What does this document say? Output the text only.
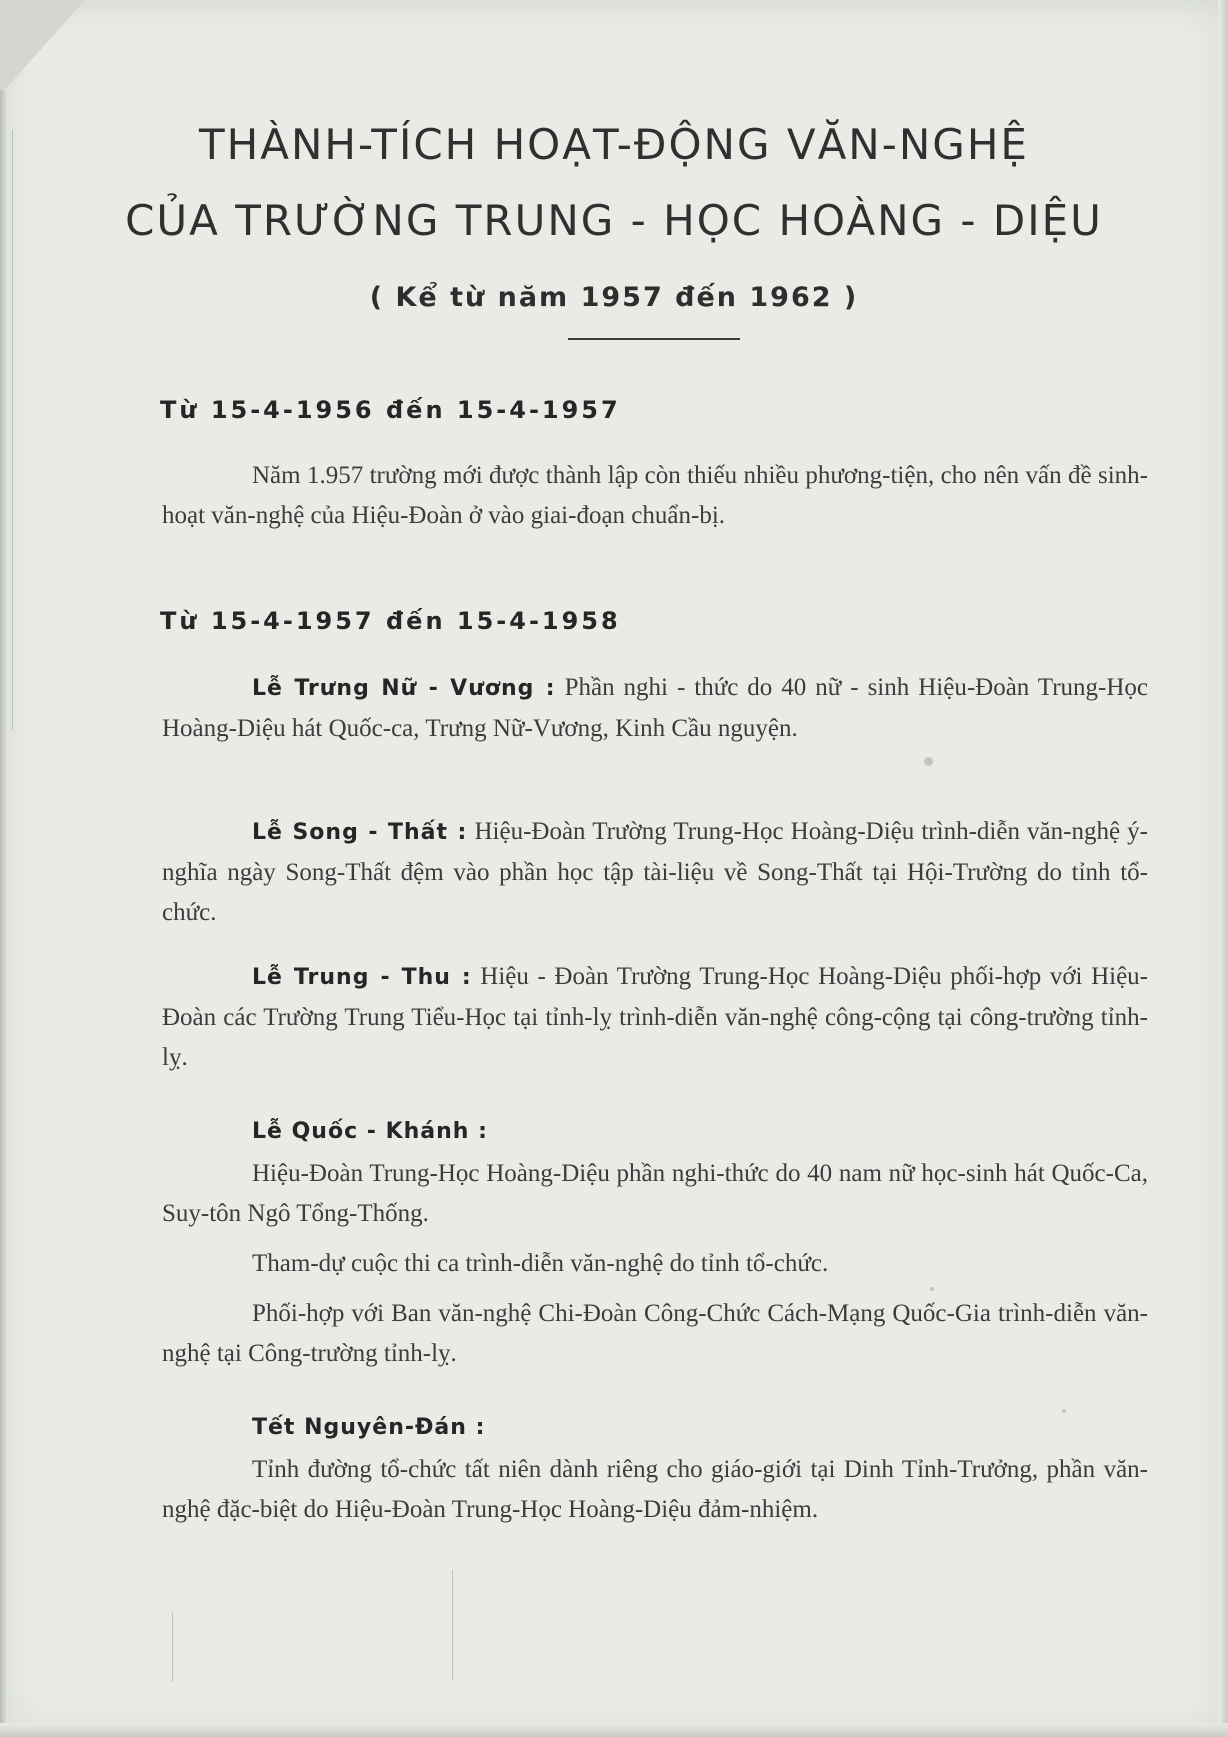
THÀNH-TÍCH HOẠT-ĐỘNG VĂN-NGHỆ
CỦA TRƯỜNG TRUNG - HỌC HOÀNG - DIỆU
( Kể từ năm 1957 đến 1962 )
Từ 15-4-1956 đến 15-4-1957
Năm 1.957 trường mới được thành lập còn thiếu nhiều phương-tiện, cho nên vấn đề sinh-hoạt văn-nghệ của Hiệu-Đoàn ở vào giai-đoạn chuẩn-bị.
Từ 15-4-1957 đến 15-4-1958
Lễ Trưng Nữ - Vương : Phần nghi - thức do 40 nữ - sinh Hiệu-Đoàn Trung-Học Hoàng-Diệu hát Quốc-ca, Trưng Nữ-Vương, Kinh Cầu nguyện.
Lễ Song - Thất : Hiệu-Đoàn Trường Trung-Học Hoàng-Diệu trình-diễn văn-nghệ ý-nghĩa ngày Song-Thất đệm vào phần học tập tài-liệu về Song-Thất tại Hội-Trường do tỉnh tổ-chức.
Lễ Trung - Thu : Hiệu - Đoàn Trường Trung-Học Hoàng-Diệu phối-hợp với Hiệu-Đoàn các Trường Trung Tiểu-Học tại tỉnh-lỵ trình-diễn văn-nghệ công-cộng tại công-trường tỉnh-lỵ.
Lễ Quốc - Khánh :
Hiệu-Đoàn Trung-Học Hoàng-Diệu phần nghi-thức do 40 nam nữ học-sinh hát Quốc-Ca, Suy-tôn Ngô Tổng-Thống.
Tham-dự cuộc thi ca trình-diễn văn-nghệ do tỉnh tổ-chức.
Phối-hợp với Ban văn-nghệ Chi-Đoàn Công-Chức Cách-Mạng Quốc-Gia trình-diễn văn-nghệ tại Công-trường tỉnh-lỵ.
Tết Nguyên-Đán :
Tỉnh đường tổ-chức tất niên dành riêng cho giáo-giới tại Dinh Tỉnh-Trưởng, phần văn-nghệ đặc-biệt do Hiệu-Đoàn Trung-Học Hoàng-Diệu đảm-nhiệm.
